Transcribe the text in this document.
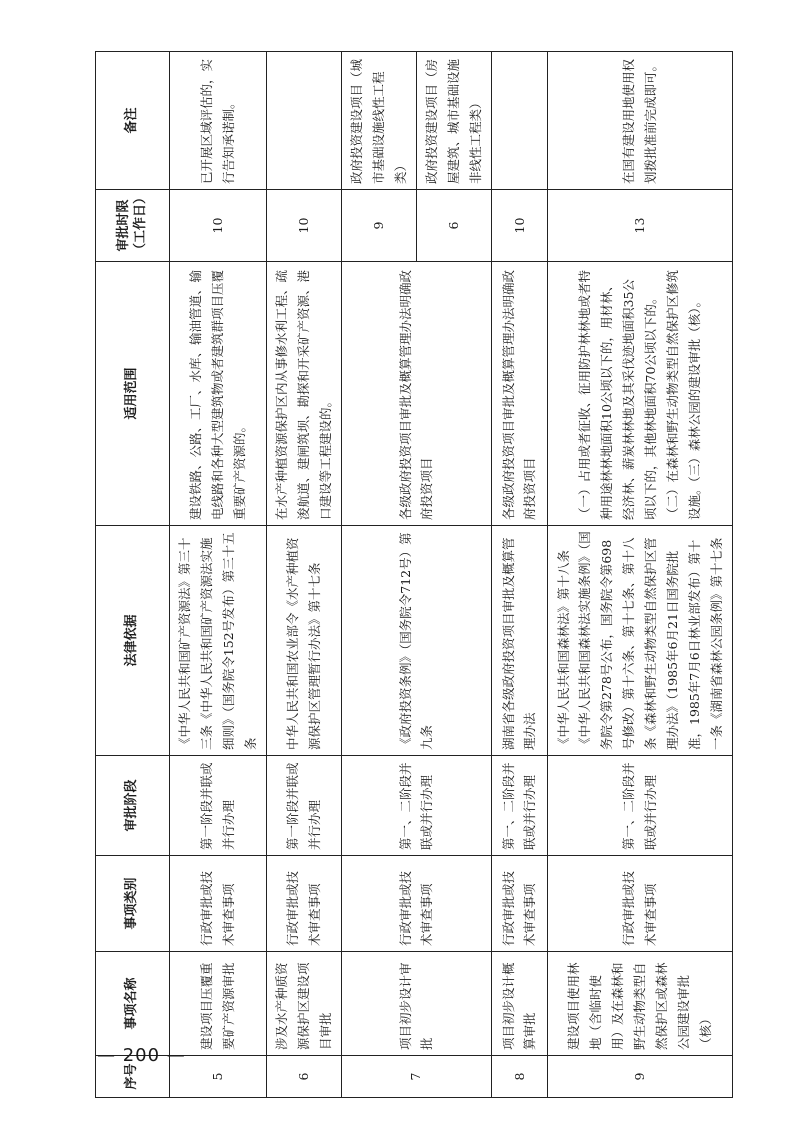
序号	事项名称	事项类别	审批阶段	法律依据	适用范围	审批时限（工作日）	备注
5	建设项目压覆重要矿产资源审批	行政审批或技术审查事项	第一阶段并联或并行办理	《中华人民共和国矿产资源法》第三十三条《中华人民共和国矿产资源法实施细则》（国务院令152号发布）第三十五条	建设铁路、公路、工厂、水库、输油管道、输电线路和各种大型建筑物或者建筑群项目压覆重要矿产资源的。	10	已开展区域评估的，实行告知承诺制。
6	涉及水产种质资源保护区建设项目审批	行政审批或技术审查事项	第一阶段并联或并行办理	中华人民共和国农业部令《水产种植资源保护区管理暂行办法》第十七条	在水产种植资源保护区内从事修水利工程、疏浚航道、建闸筑坝、勘探和开采矿产资源、港口建设等工程建设的。	10	
7	项目初步设计审批	行政审批或技术审查事项	第一、二阶段并联或并行办理	《政府投资条例》（国务院令712号）第九条	各级政府投资项目审批及概算管理办法明确政府投资项目	9	政府投资建设项目（城市基础设施线性工程类）
						6	政府投资建设项目（房屋建筑、城市基础设施非线性工程类）
8	项目初步设计概算审批	行政审批或技术审查事项	第一、二阶段并联或并行办理	湖南省各级政府投资项目审批及概算管理办法	各级政府投资项目审批及概算管理办法明确政府投资项目	10	
9	建设项目使用林地（含临时使用）及在森林和野生动物类型自然保护区或森林公园建设审批（核）	行政审批或技术审查事项	第一、二阶段并联或并行办理	《中华人民共和国森林法》第十八条《中华人民共和国森林法实施条例》（国务院令第278号公布，国务院令第698号修改）第十六条、第十七条、第十八条《森林和野生动物类型自然保护区管理办法》（1985年6月21日国务院批准，1985年7月6日林业部发布）第十一条《湖南省森林公园条例》第十七条	（一）占用或者征收、征用防护林林地或者特种用途林林地面积10公顷以下的，用材林、经济林、薪炭林林地及其采伐迹地面积35公顷以下的，其他林地面积70公顷以下的。（二）在森林和野生动物类型自然保护区修筑设施。（三）森林公园的建设审批（核）。	13	在国有建设用地使用权划拨批准前完成即可。
— 200 —
